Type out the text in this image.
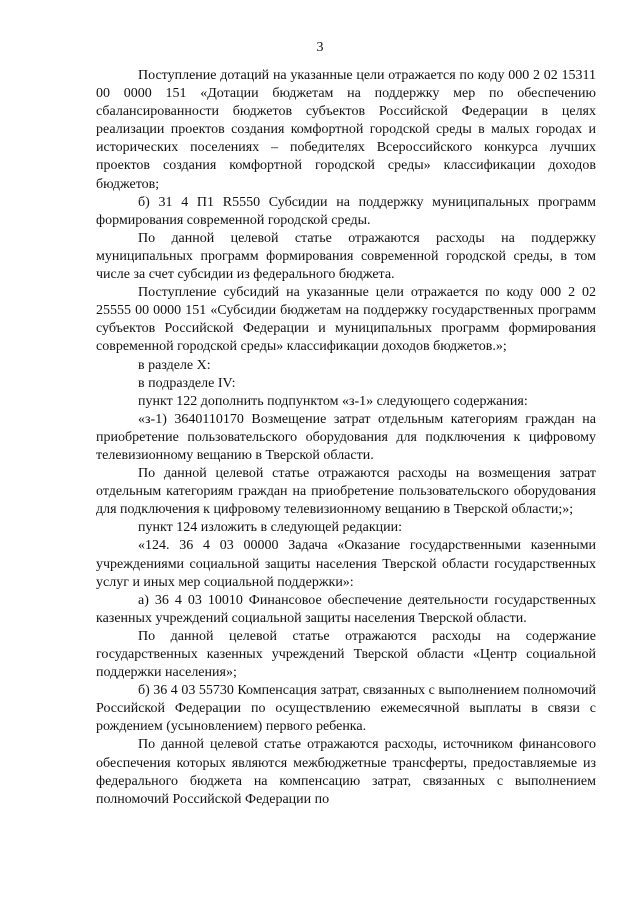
3

Поступление дотаций на указанные цели отражается по коду 000 2 02 15311 00 0000 151 «Дотации бюджетам на поддержку мер по обеспечению сбалансированности бюджетов субъектов Российской Федерации в целях реализации проектов создания комфортной городской среды в малых городах и исторических поселениях – победителях Всероссийского конкурса лучших проектов создания комфортной городской среды» классификации доходов бюджетов;

б) 31 4 П1 R5550 Субсидии на поддержку муниципальных программ формирования современной городской среды.

По данной целевой статье отражаются расходы на поддержку муниципальных программ формирования современной городской среды, в том числе за счет субсидии из федерального бюджета.

Поступление субсидий на указанные цели отражается по коду 000 2 02 25555 00 0000 151 «Субсидии бюджетам на поддержку государственных программ субъектов Российской Федерации и муниципальных программ формирования современной городской среды» классификации доходов бюджетов.»;

в разделе X:

в подразделе IV:

пункт 122 дополнить подпунктом «з-1» следующего содержания:

«з-1) 3640110170 Возмещение затрат отдельным категориям граждан на приобретение пользовательского оборудования для подключения к цифровому телевизионному вещанию в Тверской области.

По данной целевой статье отражаются расходы на возмещения затрат отдельным категориям граждан на приобретение пользовательского оборудования для подключения к цифровому телевизионному вещанию в Тверской области;»;

пункт 124 изложить в следующей редакции:

«124. 36 4 03 00000 Задача «Оказание государственными казенными учреждениями социальной защиты населения Тверской области государственных услуг и иных мер социальной поддержки»:

а) 36 4 03 10010 Финансовое обеспечение деятельности государственных казенных учреждений социальной защиты населения Тверской области.

По данной целевой статье отражаются расходы на содержание государственных казенных учреждений Тверской области «Центр социальной поддержки населения»;

б) 36 4 03 55730 Компенсация затрат, связанных с выполнением полномочий Российской Федерации по осуществлению ежемесячной выплаты в связи с рождением (усыновлением) первого ребенка.

По данной целевой статье отражаются расходы, источником финансового обеспечения которых являются межбюджетные трансферты, предоставляемые из федерального бюджета на компенсацию затрат, связанных с выполнением полномочий Российской Федерации по
